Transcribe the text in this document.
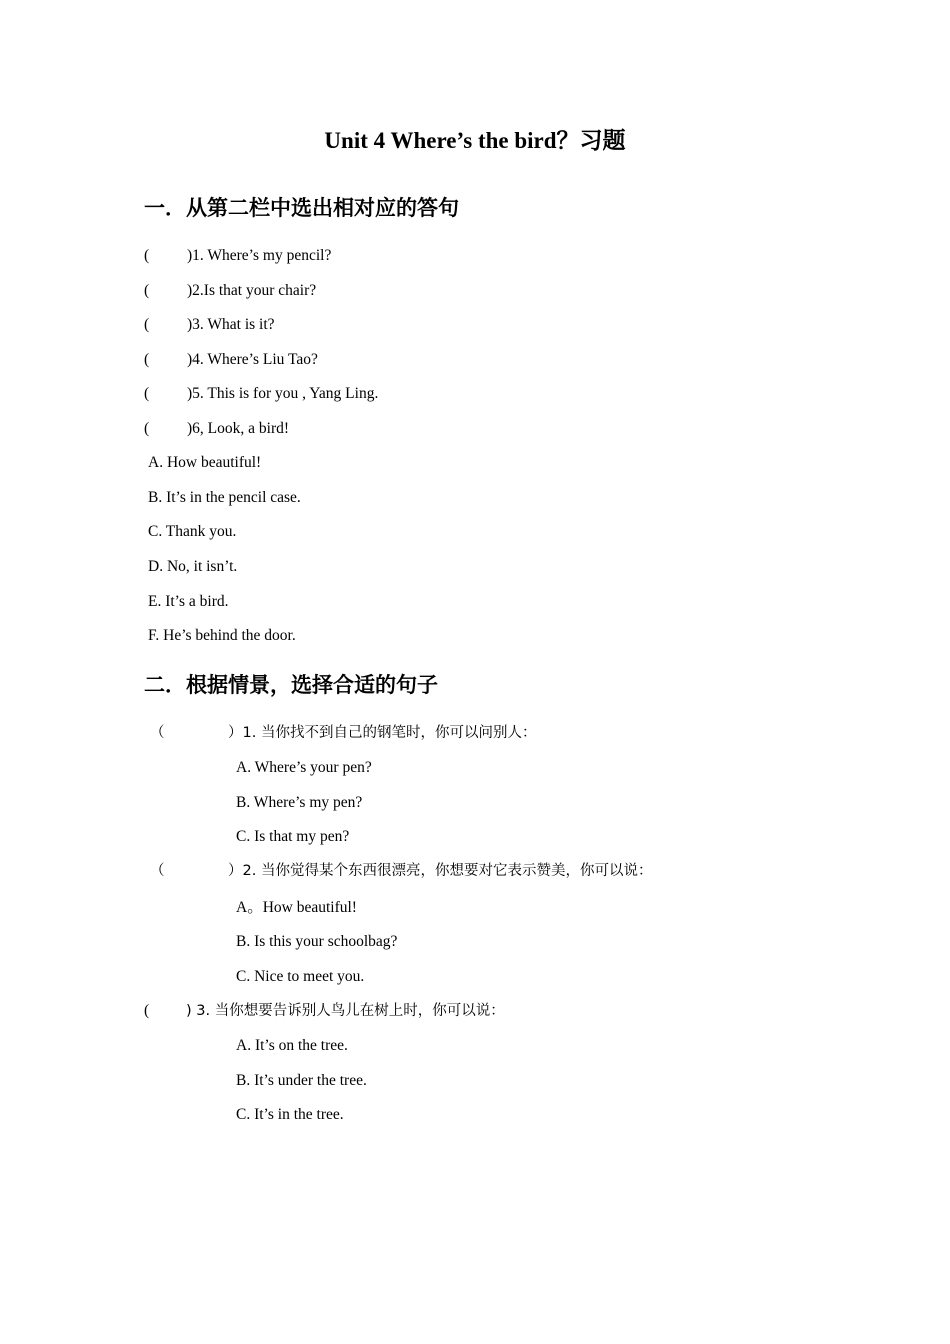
Unit 4 Where’s the bird？习题
一．从第二栏中选出相对应的答句
( )1. Where’s my pencil?
( )2.Is that your chair?
( )3. What is it?
( )4. Where’s Liu Tao?
( )5. This is for you , Yang Ling.
( )6, Look, a bird!
A. How beautiful!
B. It’s in the pencil case.
C. Thank you.
D. No, it isn’t.
E. It’s a bird.
F. He’s behind the door.
二．根据情景，选择合适的句子
（	）1. 当你找不到自己的钢笔时，你可以问别人：
A. Where’s your pen?
B. Where’s my pen?
C. Is that my pen?
（	）2. 当你觉得某个东西很漂亮，你想要对它表示赞美，你可以说：
A。How beautiful!
B. Is this your schoolbag?
C. Nice to meet you.
(	) 3. 当你想要告诉别人鸟儿在树上时，你可以说：
A. It’s on the tree.
B. It’s under the tree.
C. It’s in the tree.
